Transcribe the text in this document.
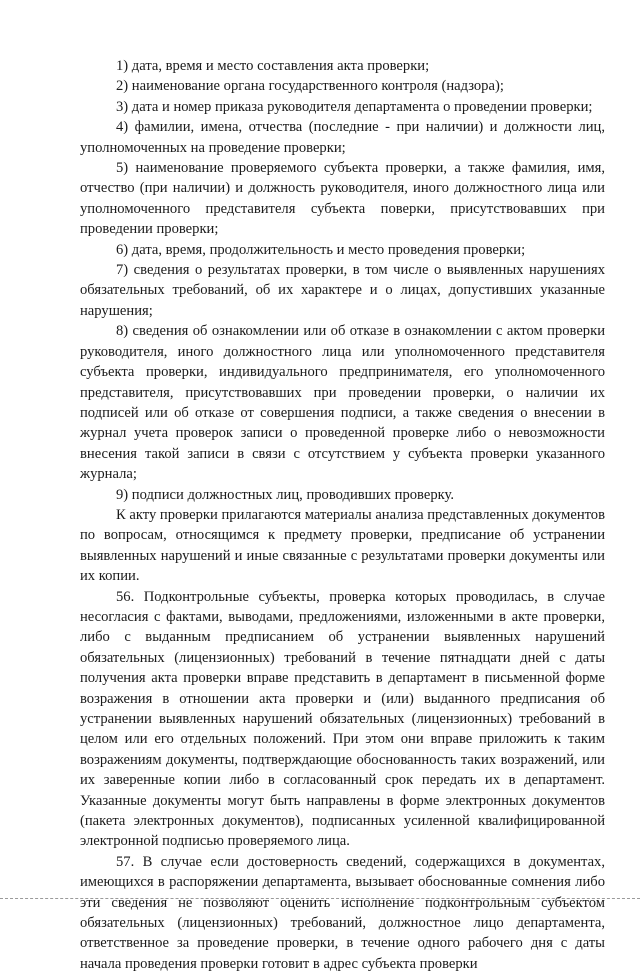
1) дата, время и место составления акта проверки;

2) наименование органа государственного контроля (надзора);

3) дата и номер приказа руководителя департамента о проведении проверки;

4) фамилии, имена, отчества (последние - при наличии) и должности лиц, уполномоченных на проведение проверки;

5) наименование проверяемого субъекта проверки, а также фамилия, имя, отчество (при наличии) и должность руководителя, иного должностного лица или уполномоченного представителя субъекта поверки, присутствовавших при проведении проверки;

6) дата, время, продолжительность и место проведения проверки;

7) сведения о результатах проверки, в том числе о выявленных нарушениях обязательных требований, об их характере и о лицах, допустивших указанные нарушения;

8) сведения об ознакомлении или об отказе в ознакомлении с актом проверки руководителя, иного должностного лица или уполномоченного представителя субъекта проверки, индивидуального предпринимателя, его уполномоченного представителя, присутствовавших при проведении проверки, о наличии их подписей или об отказе от совершения подписи, а также сведения о внесении в журнал учета проверок записи о проведенной проверке либо о невозможности внесения такой записи в связи с отсутствием у субъекта проверки указанного журнала;

9) подписи должностных лиц, проводивших проверку.

К акту проверки прилагаются материалы анализа представленных документов по вопросам, относящимся к предмету проверки, предписание об устранении выявленных нарушений и иные связанные с результатами проверки документы или их копии.

56. Подконтрольные субъекты, проверка которых проводилась, в случае несогласия с фактами, выводами, предложениями, изложенными в акте проверки, либо с выданным предписанием об устранении выявленных нарушений обязательных (лицензионных) требований в течение пятнадцати дней с даты получения акта проверки вправе представить в департамент в письменной форме возражения в отношении акта проверки и (или) выданного предписания об устранении выявленных нарушений обязательных (лицензионных) требований в целом или его отдельных положений. При этом они вправе приложить к таким возражениям документы, подтверждающие обоснованность таких возражений, или их заверенные копии либо в согласованный срок передать их в департамент. Указанные документы могут быть направлены в форме электронных документов (пакета электронных документов), подписанных усиленной квалифицированной электронной подписью проверяемого лица.

57. В случае если достоверность сведений, содержащихся в документах, имеющихся в распоряжении департамента, вызывает обоснованные сомнения либо эти сведения не позволяют оценить исполнение подконтрольным субъектом обязательных (лицензионных) требований, должностное лицо департамента, ответственное за проведение проверки, в течение одного рабочего дня с даты начала проведения проверки готовит в адрес субъекта проверки
